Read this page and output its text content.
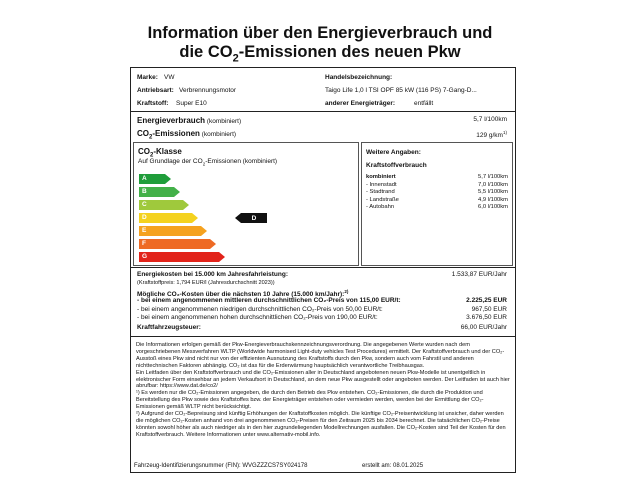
Information über den Energieverbrauch und
die $CO_2$-Emissionen des neuen Pkw
Marke: VW
Antriebsart: Verbrennungsmotor
Kraftstoff: Super E10
Handelsbezeichnung:
Taigo Life 1,0 l TSI OPF 85 kW (116 PS) 7-Gang-D...
anderer Energieträger:	entfällt
Energieverbrauch (kombiniert)	5,7 l/100km
$CO_2$-Emissionen (kombiniert)	129 $g/km^{1)}$
$CO_2$-Klasse
Auf Grundlage der $CO_2$-Emissionen (kombiniert)
A
B
C
D
E
F
G
D
Weitere Angaben:
Kraftstoffverbrauch
kombiniert	5,7 l/100km
- Innenstadt	7,0 l/100km
- Stadtrand	5,5 l/100km
- Landstraße	4,9 l/100km
- Autobahn	6,0 l/100km
Energiekosten bei 15.000 km Jahresfahrleistung:	1.533,87 EUR/Jahr
(Kraftstoffpreis: 1,794 EUR/l (Jahresdurchschnitt 2023))
Mögliche CO₂-Kosten über die nächsten 10 Jahre (15.000 km/Jahr):$^{2)}$
- bei einem angenommenen mittleren durchschnittlichen CO₂-Preis von 115,00 EUR/t:	2.225,25 EUR
- bei einem angenommenen niedrigen durchschnittlichen CO₂-Preis von 50,00 EUR/t:	967,50 EUR
- bei einem angenommenen hohen durchschnittlichen CO₂-Preis von 190,00 EUR/t:	3.676,50 EUR
Kraftfahrzeugsteuer:	66,00 EUR/Jahr

Die Informationen erfolgen gemäß der Pkw-Energieverbrauchskennzeichnungsverordnung. Die angegebenen Werte wurden nach dem vorgeschriebenen Messverfahren WLTP (Worldwide harmonised Light-duty vehicles Test Procedures) ermittelt. Der Kraftstoffverbrauch und der CO₂-Ausstoß eines Pkw sind nicht nur von der effizienten Ausnutzung des Kraftstoffs durch den Pkw, sondern auch vom Fahrstil und anderen nichttechnischen Faktoren abhängig. CO₂ ist das für die Erderwärmung hauptsächlich verantwortliche Treibhausgas.

Ein Leitfaden über den Kraftstoffverbrauch und die CO₂-Emissionen aller in Deutschland angebotenen neuen Pkw-Modelle ist unentgeltlich in elektronischer Form einsehbar an jedem Verkaufsort in Deutschland, an dem neue Pkw ausgestellt oder angeboten werden. Der Leitfaden ist auch hier abrufbar: https://www.dat.de/co2/

¹) Es werden nur die CO₂-Emissionen angegeben, die durch den Betrieb des Pkw entstehen. CO₂-Emissionen, die durch die Produktion und Bereitstellung des Pkw sowie des Kraftstoffes bzw. der Energieträger entstehen oder vermieden werden, werden bei der Ermittlung der CO₂-Emissionen gemäß WLTP nicht berücksichtigt.

²) Aufgrund der CO₂-Bepreisung sind künftig Erhöhungen der Kraftstoffkosten möglich. Die künftige CO₂-Preisentwicklung ist unsicher, daher werden die möglichen CO₂-Kosten anhand von drei angenommenen CO₂-Preisen für den Zeitraum 2025 bis 2034 berechnet. Die tatsächlichen CO₂-Preise könnten sowohl höher als auch niedriger als in den hier zugrundeliegenden Modellrechnungen ausfallen. Die CO₂-Kosten sind Teil der Kosten für den Kraftstoffverbrauch. Weitere Informationen unter www.alternativ-mobil.info.

Fahrzeug-Identifizierungsnummer (FIN): WVGZZZCS7SY024178	erstellt am: 08.01.2025
